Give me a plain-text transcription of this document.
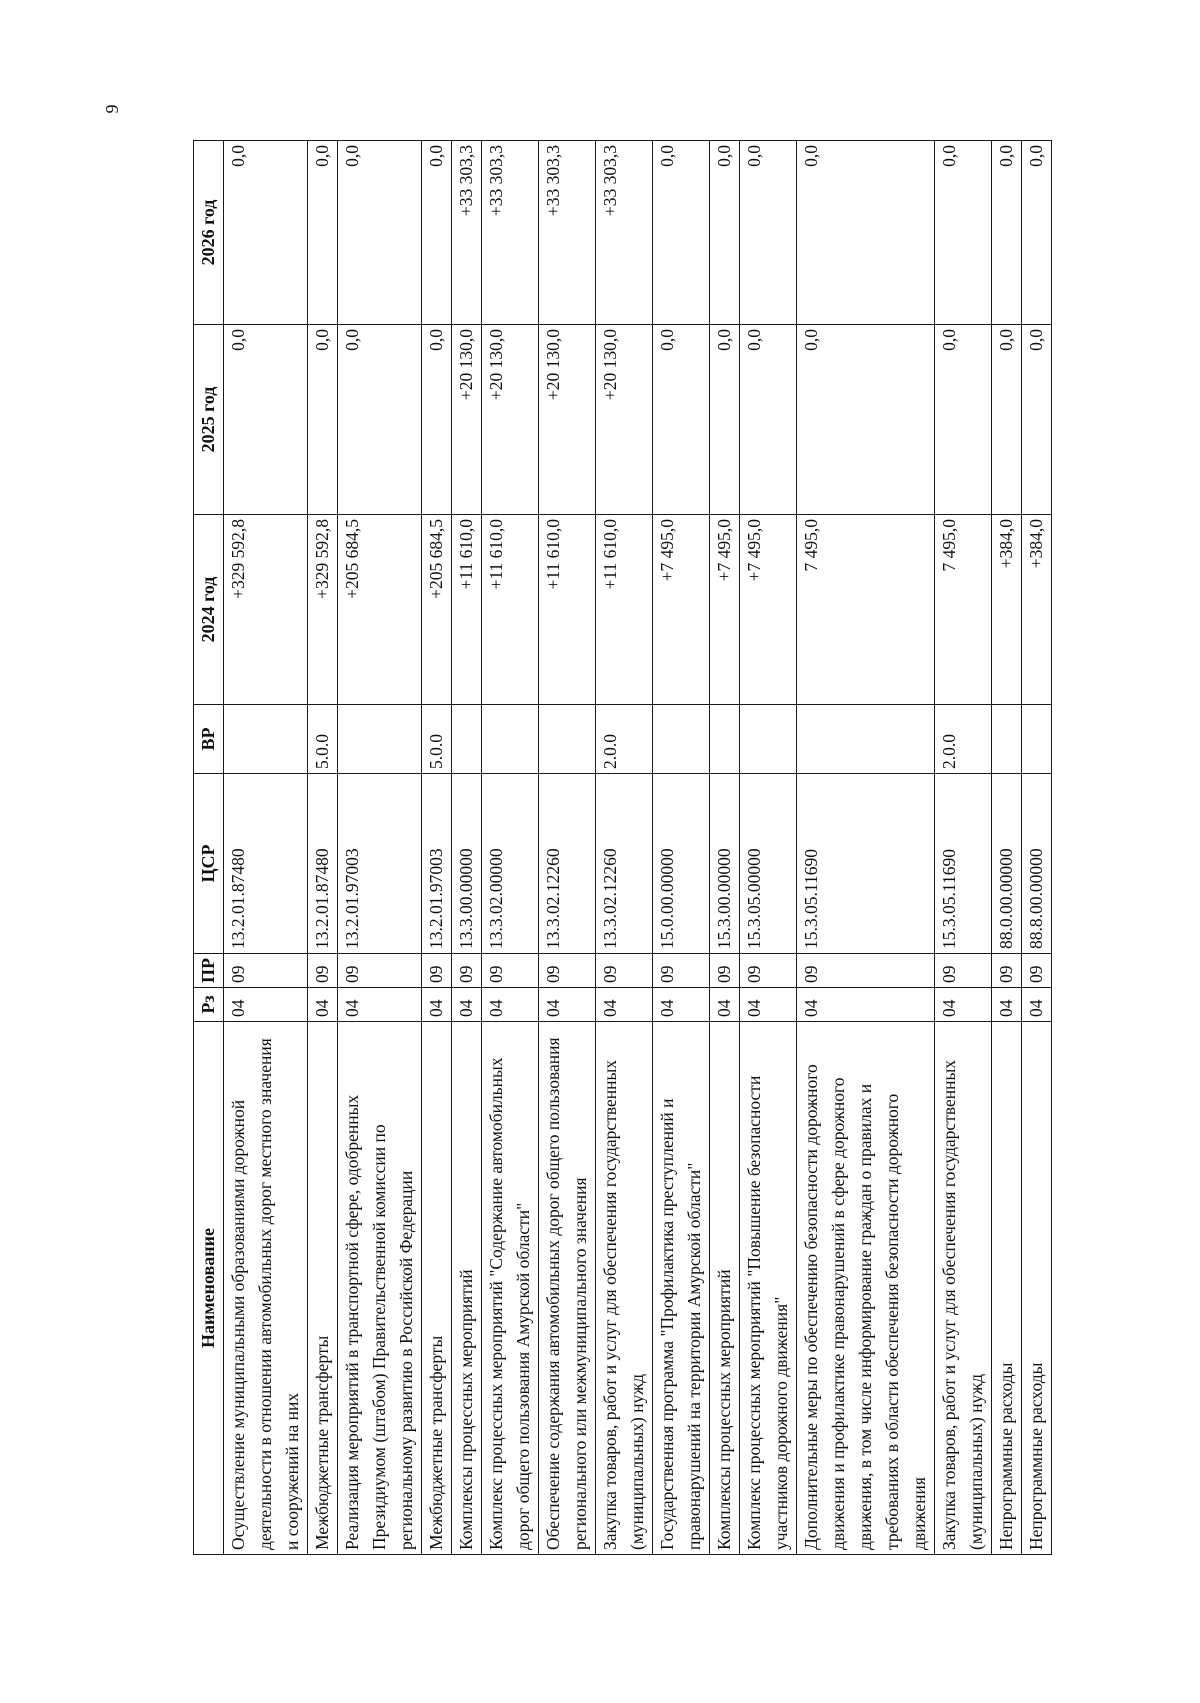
9
Наименование	Рз	ПР	ЦСР	ВР	2024 год	2025 год	2026 год
Осуществление муниципальными образованиями дорожной деятельности в отношении автомобильных дорог местного значения и сооружений на них	04	09	13.2.01.87480		+329 592,8	0,0	0,0
Межбюджетные трансферты	04	09	13.2.01.87480	5.0.0	+329 592,8	0,0	0,0
Реализация мероприятий в транспортной сфере, одобренных Президиумом (штабом) Правительственной комиссии по региональному развитию в Российской Федерации	04	09	13.2.01.97003		+205 684,5	0,0	0,0
Межбюджетные трансферты	04	09	13.2.01.97003	5.0.0	+205 684,5	0,0	0,0
Комплексы процессных мероприятий	04	09	13.3.00.00000		+11 610,0	+20 130,0	+33 303,3
Комплекс процессных мероприятий "Содержание автомобильных дорог общего пользования Амурской области"	04	09	13.3.02.00000		+11 610,0	+20 130,0	+33 303,3
Обеспечение содержания автомобильных дорог общего пользования регионального или межмуниципального значения	04	09	13.3.02.12260		+11 610,0	+20 130,0	+33 303,3
Закупка товаров, работ и услуг для обеспечения государственных (муниципальных) нужд	04	09	13.3.02.12260	2.0.0	+11 610,0	+20 130,0	+33 303,3
Государственная программа "Профилактика преступлений и правонарушений на территории Амурской области"	04	09	15.0.00.00000		+7 495,0	0,0	0,0
Комплексы процессных мероприятий	04	09	15.3.00.00000		+7 495,0	0,0	0,0
Комплекс процессных мероприятий "Повышение безопасности участников дорожного движения"	04	09	15.3.05.00000		+7 495,0	0,0	0,0
Дополнительные меры по обеспечению безопасности дорожного движения и профилактике правонарушений в сфере дорожного движения, в том числе информирование граждан о правилах и требованиях в области обеспечения безопасности дорожного движения	04	09	15.3.05.11690		7 495,0	0,0	0,0
Закупка товаров, работ и услуг для обеспечения государственных (муниципальных) нужд	04	09	15.3.05.11690	2.0.0	7 495,0	0,0	0,0
Непрограммные расходы	04	09	88.0.00.00000		+384,0	0,0	0,0
Непрограммные расходы	04	09	88.8.00.00000		+384,0	0,0	0,0
